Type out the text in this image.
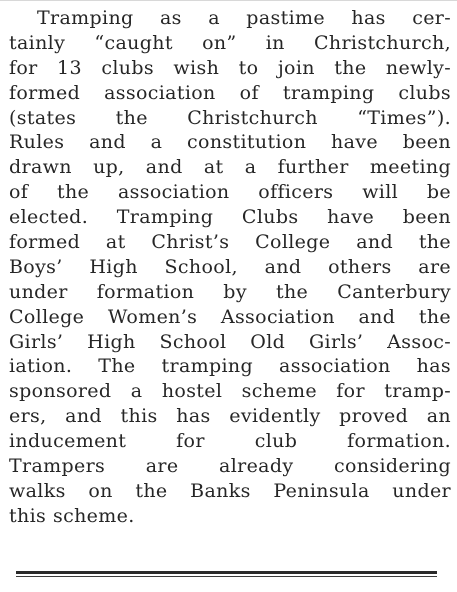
Tramping as a pastime has cer-
tainly “caught on” in Christchurch,
for 13 clubs wish to join the newly-
formed association of tramping clubs
(states the Christchurch “Times”).
Rules and a constitution have been
drawn up, and at a further meeting
of the association officers will be
elected. Tramping Clubs have been
formed at Christ’s College and the
Boys’ High School, and others are
under formation by the Canterbury
College Women’s Association and the
Girls’ High School Old Girls’ Assoc-
iation. The tramping association has
sponsored a hostel scheme for tramp-
ers, and this has evidently proved an
inducement for club formation.
Trampers are already considering
walks on the Banks Peninsula under
this scheme.
